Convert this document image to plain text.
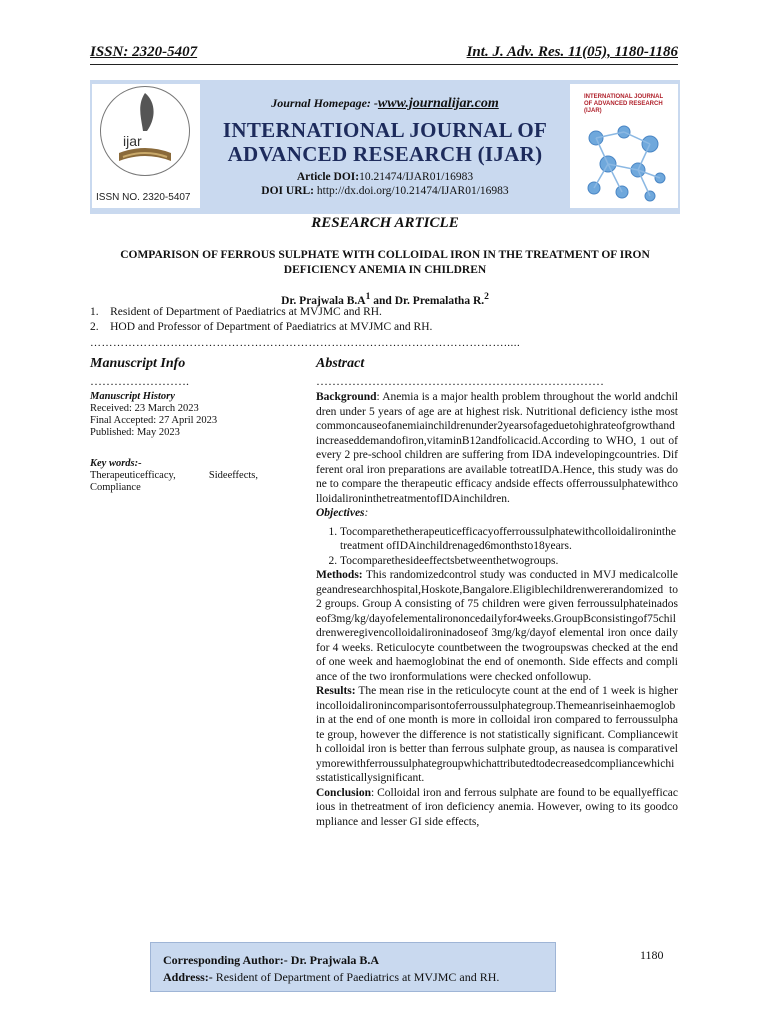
ISSN: 2320-5407	Int. J. Adv. Res. 11(05), 1180-1186
ijar
ISSN NO. 2320-5407
Journal Homepage: -www.journalijar.com
INTERNATIONAL JOURNAL OF
ADVANCED RESEARCH (IJAR)
Article DOI:10.21474/IJAR01/16983
DOI URL: http://dx.doi.org/10.21474/IJAR01/16983
INTERNATIONAL JOURNAL OF ADVANCED RESEARCH (IJAR)
RESEARCH ARTICLE
COMPARISON OF FERROUS SULPHATE WITH COLLOIDAL IRON IN THE TREATMENT OF IRON
DEFICIENCY ANEMIA IN CHILDREN
Dr. Prajwala $B.A^1$ and Dr. Premalatha R.$^2$
1. Resident of Department of Paediatrics at MVJMC and RH.
2. HOD and Professor of Department of Paediatrics at MVJMC and RH.
……………………………………………………………………………………………….....
Manuscript Info
…………………….
Manuscript History
Received: 23 March 2023
Final Accepted: 27 April 2023
Published: May 2023
Key words:-
Therapeuticefficacy,	Sideeffects,
Compliance
Abstract
………………………………………………………………

Background: Anemia is a major health problem throughout the world andchildren under 5 years of age are at highest risk. Nutritional deficiency isthe mostcommoncauseofanemiainchildrenunder2yearsofageduetohighrateofgrowthandincreaseddemandofiron,vitaminB12andfolicacid.According to WHO, 1 out of every 2 pre-school children are suffering from IDA indevelopingcountries. Different oral iron preparations are available totreatIDA.Hence, this study was done to compare the therapeutic efficacy andside effects offerroussulphatewithcolloidalironinthetreatmentofIDAinchildren.

Objectives:

1. Tocomparethetherapeuticefficacyofferroussulphatewithcolloidalironinthetreatment ofIDAinchildrenaged6monthsto18years.
2. Tocomparethesideeffectsbetweenthetwogroups.

Methods: This randomizedcontrol study was conducted in MVJ medicalcollegeandresearchhospital,Hoskote,Bangalore.Eligiblechildrenwererandomized to 2 groups. Group A consisting of 75 children were given ferroussulphateinadoseof3mg/kg/dayofelementalirononcedailyfor4weeks.GroupBconsistingof75childrenweregivencolloidalironinadoseof 3mg/kg/dayof elemental iron once daily for 4 weeks. Reticulocyte countbetween the twogroupswas checked at the end of one week and haemoglobinat the end of onemonth. Side effects and compliance of the two ironformulations were checked onfollowup.

Results: The mean rise in the reticulocyte count at the end of 1 week is higherincolloidalironincomparisontoferroussulphategroup.Themeanriseinhaemoglobin at the end of one month is more in colloidal iron compared to ferroussulphate group, however the difference is not statistically significant. Compliancewith colloidal iron is better than ferrous sulphate group, as nausea is comparativelymorewithferroussulphategroupwhichattributedtodecreasedcompliancewhichisstatisticallysignificant.

Conclusion: Colloidal iron and ferrous sulphate are found to be equallyefficacious in thetreatment of iron deficiency anemia. However, owing to its goodcompliance and lesser GI side effects,

Corresponding Author:- Dr. Prajwala B.A
Address:- Resident of Department of Paediatrics at MVJMC and RH.
1180
